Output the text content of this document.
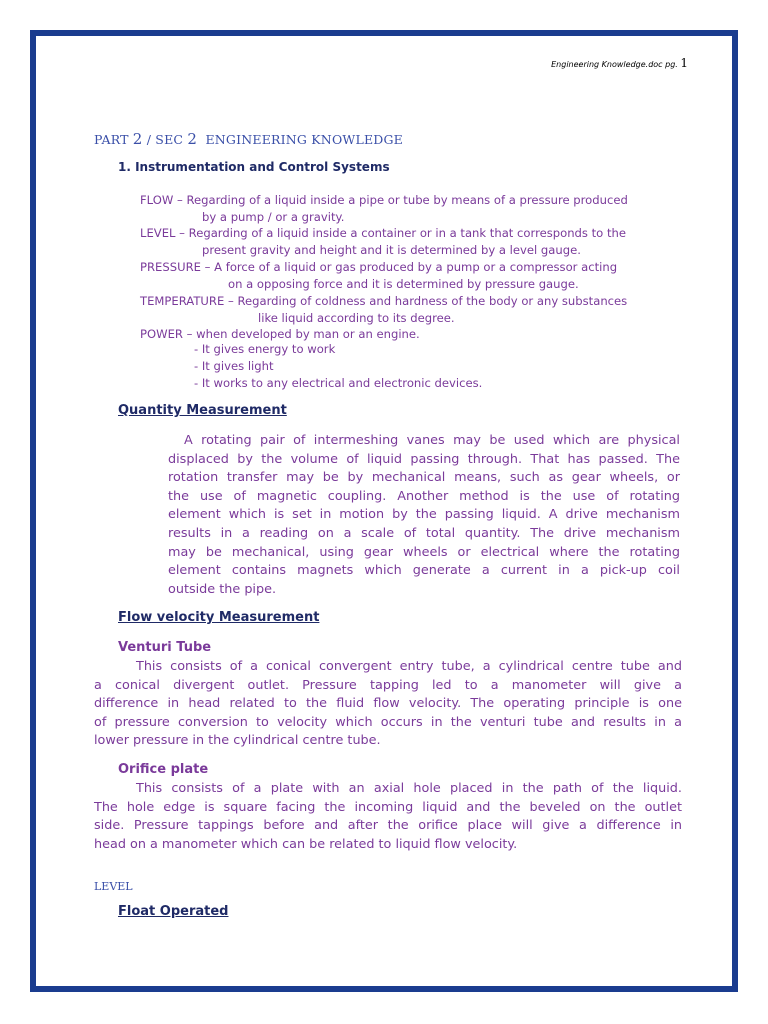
Engineering Knowledge.doc pg. 1
PART 2 / SEC 2 ENGINEERING KNOWLEDGE
1. Instrumentation and Control Systems
FLOW – Regarding of a liquid inside a pipe or tube by means of a pressure produced
by a pump / or a gravity.
LEVEL – Regarding of a liquid inside a container or in a tank that corresponds to the
present gravity and height and it is determined by a level gauge.
PRESSURE – A force of a liquid or gas produced by a pump or a compressor acting
on a opposing force and it is determined by pressure gauge.
TEMPERATURE – Regarding of coldness and hardness of the body or any substances
like liquid according to its degree.
POWER – when developed by man or an engine.
- It gives energy to work
- It gives light
- It works to any electrical and electronic devices.
Quantity Measurement
A rotating pair of intermeshing vanes may be used which are physical
displaced by the volume of liquid passing through. That has passed. The
rotation transfer may be by mechanical means, such as gear wheels, or
the use of magnetic coupling. Another method is the use of rotating
element which is set in motion by the passing liquid. A drive mechanism
results in a reading on a scale of total quantity. The drive mechanism
may be mechanical, using gear wheels or electrical where the rotating
element contains magnets which generate a current in a pick-up coil
outside the pipe.
Flow velocity Measurement
Venturi Tube
This consists of a conical convergent entry tube, a cylindrical centre tube and
a conical divergent outlet. Pressure tapping led to a manometer will give a
difference in head related to the fluid flow velocity. The operating principle is one
of pressure conversion to velocity which occurs in the venturi tube and results in a
lower pressure in the cylindrical centre tube.
Orifice plate
This consists of a plate with an axial hole placed in the path of the liquid.
The hole edge is square facing the incoming liquid and the beveled on the outlet
side. Pressure tappings before and after the orifice place will give a difference in
head on a manometer which can be related to liquid flow velocity.
LEVEL
Float Operated
